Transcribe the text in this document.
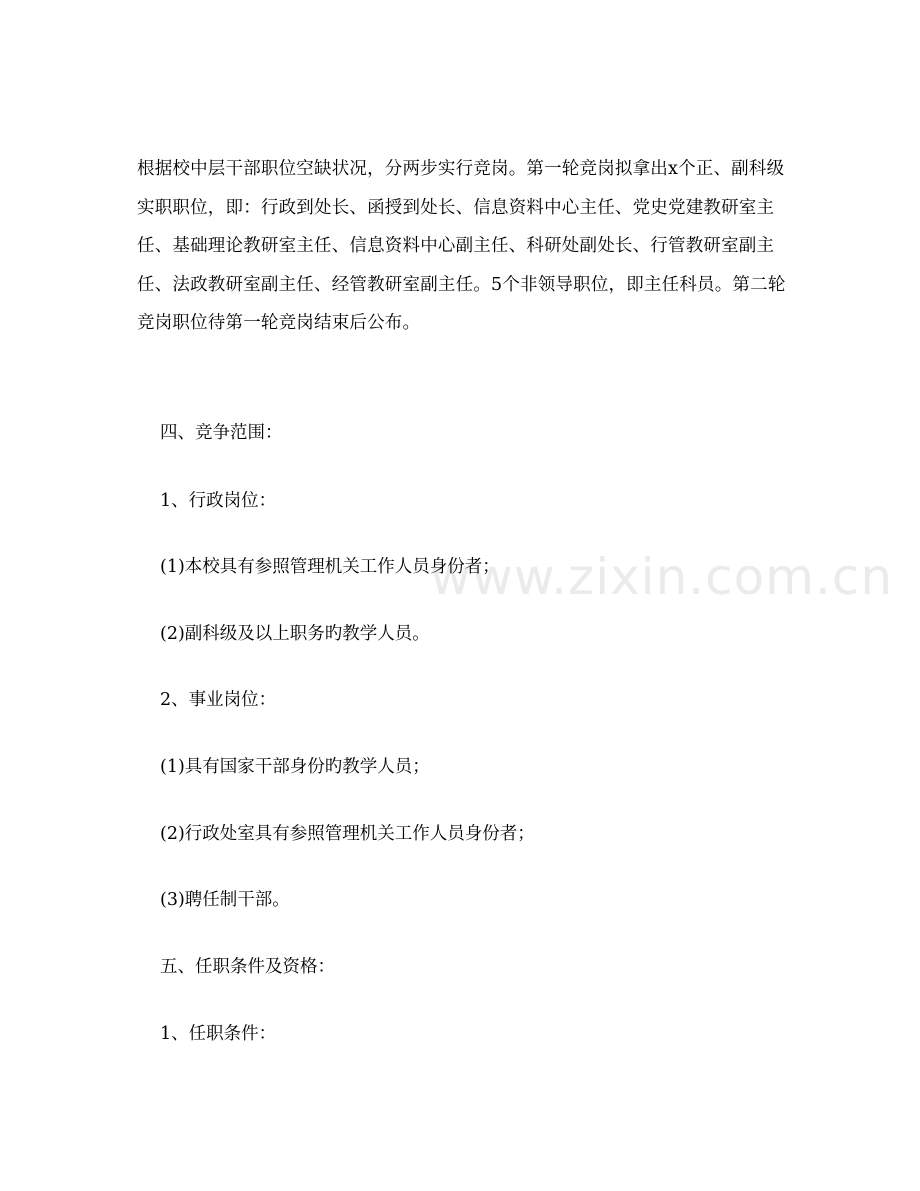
www.zixin.com.cn

根据校中层干部职位空缺状况，分两步实行竞岗。第一轮竞岗拟拿出x个正、副科级实职职位，即：行政到处长、函授到处长、信息资料中心主任、党史党建教研室主任、基础理论教研室主任、信息资料中心副主任、科研处副处长、行管教研室副主任、法政教研室副主任、经管教研室副主任。5个非领导职位，即主任科员。第二轮竞岗职位待第一轮竞岗结束后公布。

四、竞争范围：

1、行政岗位：

(1)本校具有参照管理机关工作人员身份者；

(2)副科级及以上职务旳教学人员。

2、事业岗位：

(1)具有国家干部身份旳教学人员；

(2)行政处室具有参照管理机关工作人员身份者；

(3)聘任制干部。

五、任职条件及资格：

1、任职条件：
